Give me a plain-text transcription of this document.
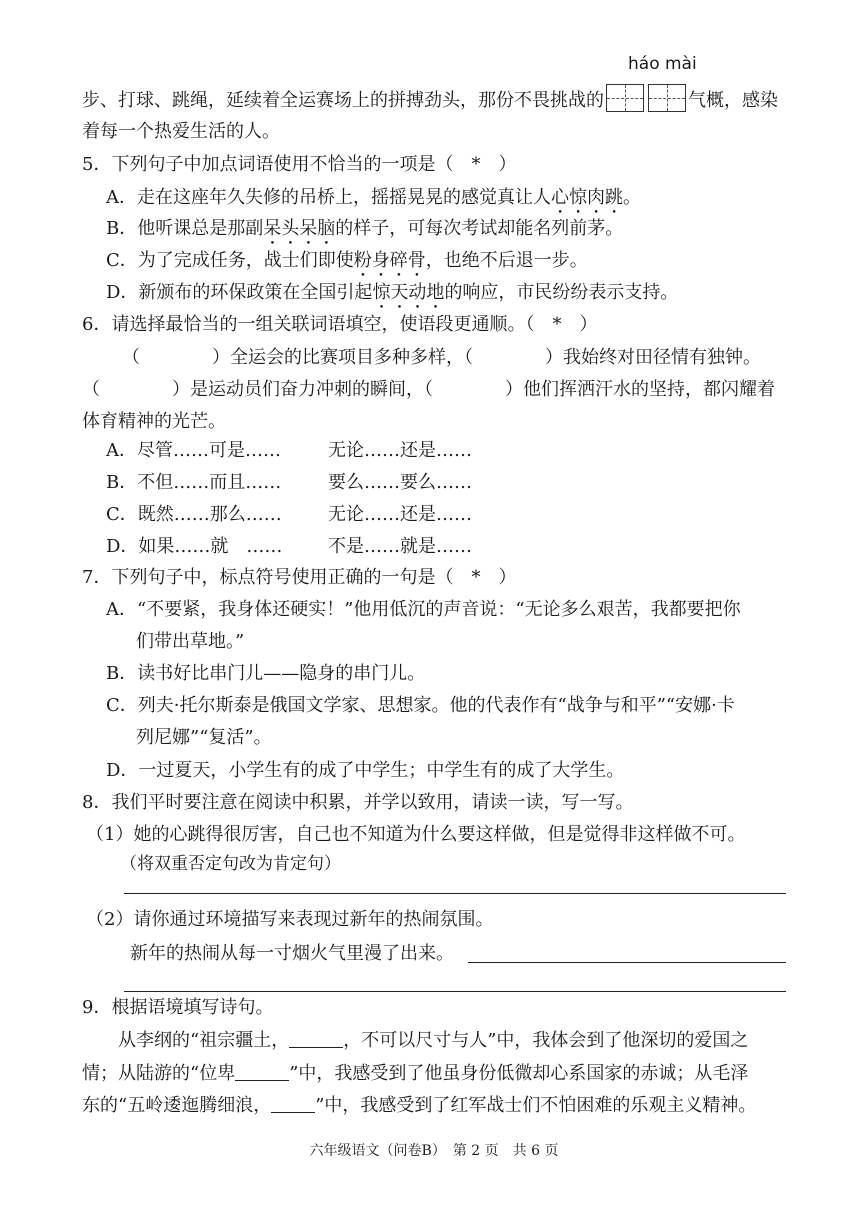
háo mài
步、打球、跳绳，延续着全运赛场上的拼搏劲头，那份不畏挑战的	气概，感染
着每一个热爱生活的人。
5．下列句子中加点词语使用不恰当的一项是（　*　）
A．走在这座年久失修的吊桥上，摇摇晃晃的感觉真让人心惊肉跳。
B．他听课总是那副呆头呆脑的样子，可每次考试却能名列前茅。
C．为了完成任务，战士们即使粉身碎骨，也绝不后退一步。
D．新颁布的环保政策在全国引起惊天动地的响应，市民纷纷表示支持。
6．请选择最恰当的一组关联词语填空，使语段更通顺。（　*　）
（　　　　）全运会的比赛项目多种多样，（　　　　）我始终对田径情有独钟。
（　　　　）是运动员们奋力冲刺的瞬间，（　　　　）他们挥洒汗水的坚持，都闪耀着
体育精神的光芒。
A．尽管……可是……	无论……还是……
B．不但……而且……	要么……要么……
C．既然……那么……	无论……还是……
D．如果……就　……	不是……就是……
7．下列句子中，标点符号使用正确的一句是（　*　）
A．“不要紧，我身体还硬实！”他用低沉的声音说：“无论多么艰苦，我都要把你
们带出草地。”
B．读书好比串门儿——隐身的串门儿。
C．列夫·托尔斯泰是俄国文学家、思想家。他的代表作有“战争与和平”“安娜·卡
列尼娜”“复活”。
D．一过夏天，小学生有的成了中学生；中学生有的成了大学生。
8．我们平时要注意在阅读中积累，并学以致用，请读一读，写一写。
（1）她的心跳得很厉害，自己也不知道为什么要这样做，但是觉得非这样做不可。
（将双重否定句改为肯定句）
（2）请你通过环境描写来表现过新年的热闹氛围。
新年的热闹从每一寸烟火气里漫了出来。
9．根据语境填写诗句。
从李纲的“祖宗疆土，	，不可以尺寸与人”中，我体会到了他深切的爱国之
情；从陆游的“位卑	”中，我感受到了他虽身份低微却心系国家的赤诚；从毛泽
东的“五岭逶迤腾细浪， ”中，我感受到了红军战士们不怕困难的乐观主义精神。
六年级语文（问卷B）　第 2 页　共 6 页
